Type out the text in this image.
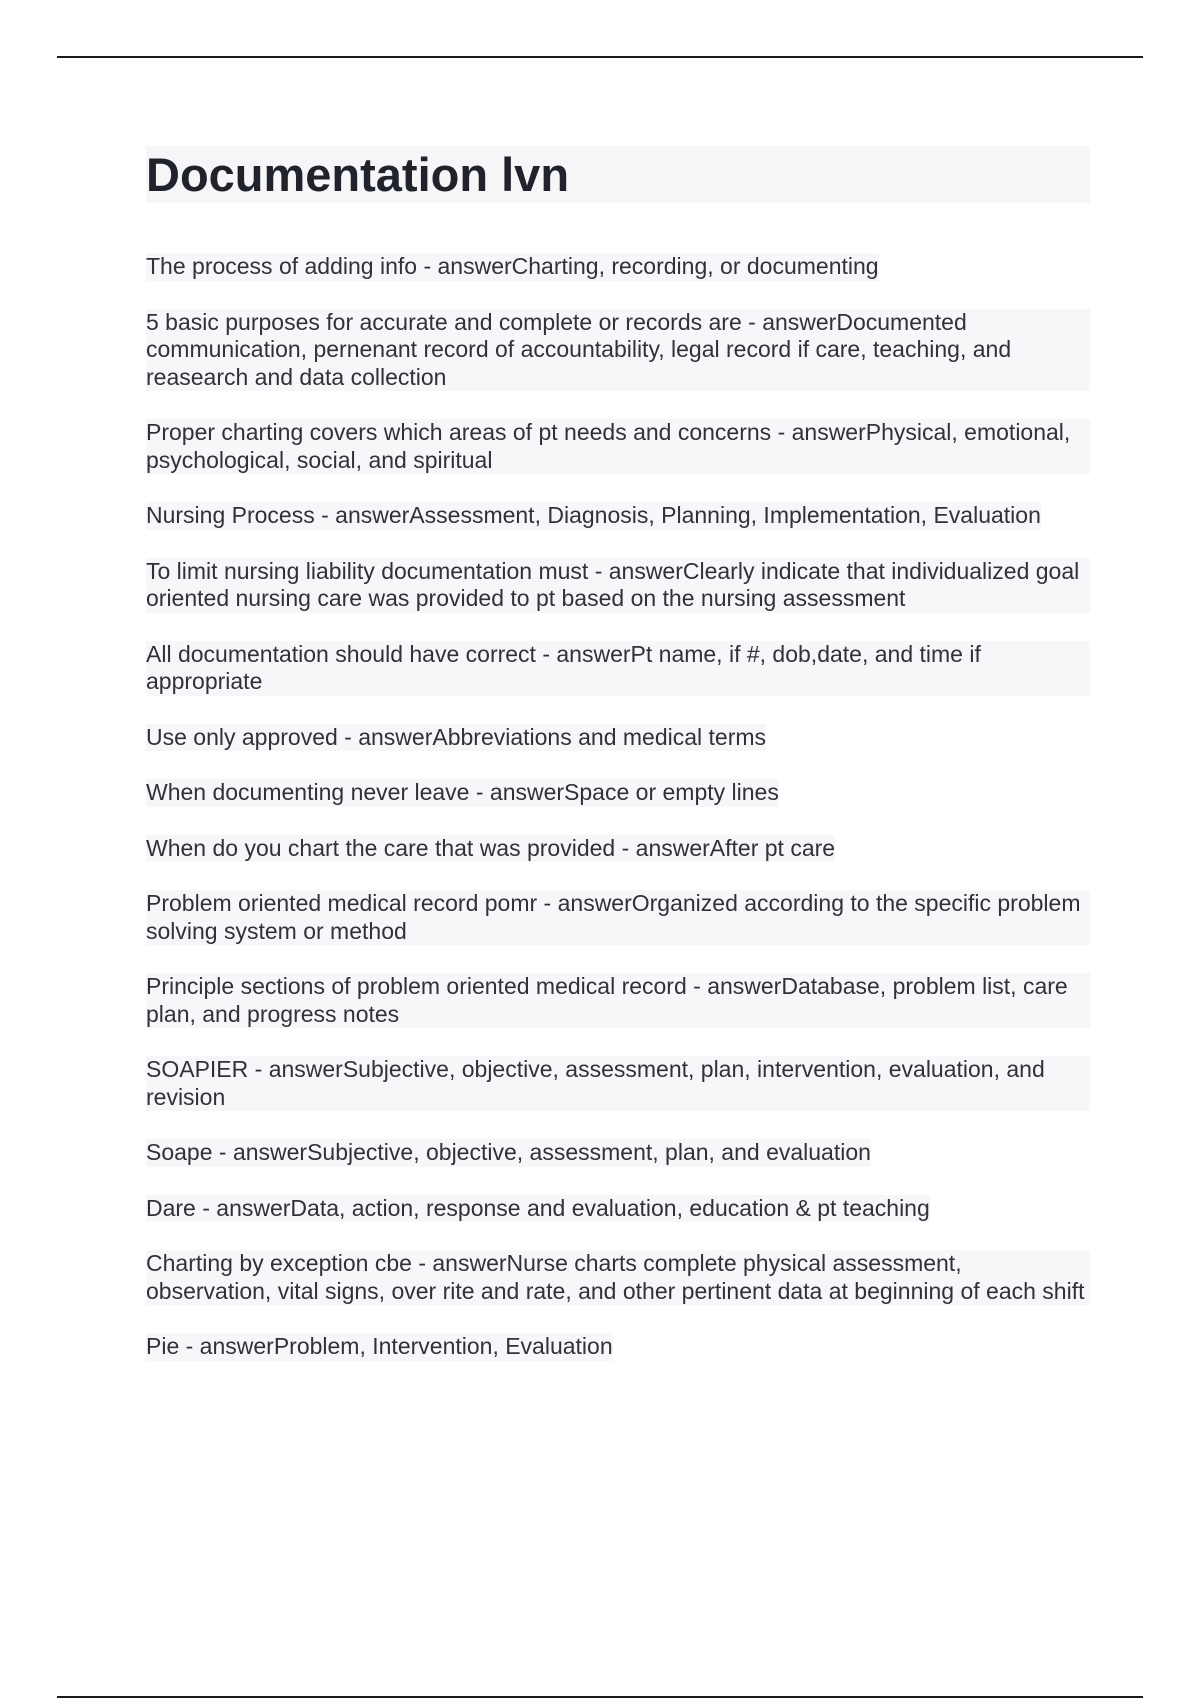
Documentation lvn

The process of adding info - answerCharting, recording, or documenting

5 basic purposes for accurate and complete or records are - answerDocumented communication, pernenant record of accountability, legal record if care, teaching, and reasearch and data collection

Proper charting covers which areas of pt needs and concerns - answerPhysical, emotional, psychological, social, and spiritual

Nursing Process - answerAssessment, Diagnosis, Planning, Implementation, Evaluation

To limit nursing liability documentation must - answerClearly indicate that individualized goal oriented nursing care was provided to pt based on the nursing assessment

All documentation should have correct - answerPt name, if #, dob,date, and time if appropriate

Use only approved - answerAbbreviations and medical terms

When documenting never leave - answerSpace or empty lines

When do you chart the care that was provided - answerAfter pt care

Problem oriented medical record pomr - answerOrganized according to the specific problem solving system or method

Principle sections of problem oriented medical record - answerDatabase, problem list, care plan, and progress notes

SOAPIER - answerSubjective, objective, assessment, plan, intervention, evaluation, and revision

Soape - answerSubjective, objective, assessment, plan, and evaluation

Dare - answerData, action, response and evaluation, education & pt teaching

Charting by exception cbe - answerNurse charts complete physical assessment, observation, vital signs, over rite and rate, and other pertinent data at beginning of each shift

Pie - answerProblem, Intervention, Evaluation
